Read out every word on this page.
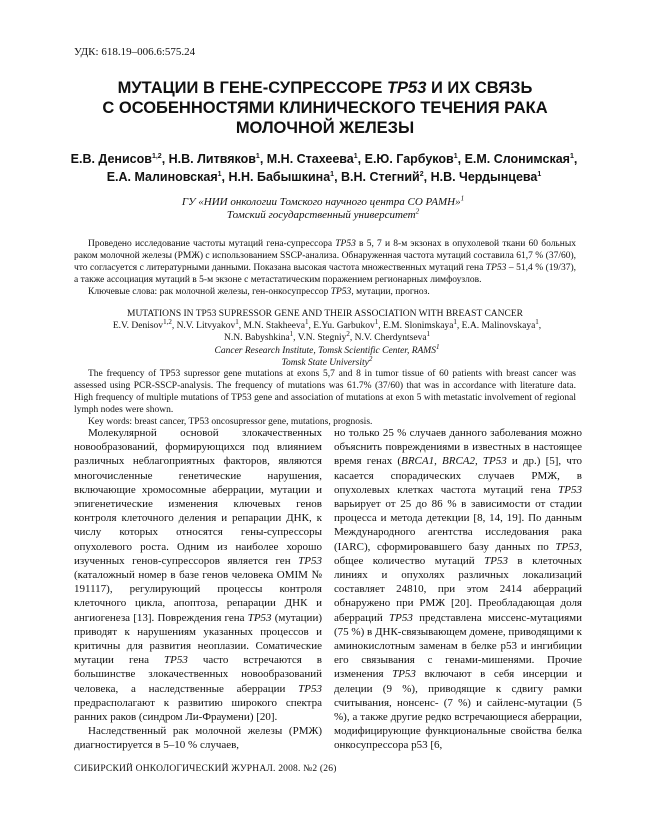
УДК: 618.19–006.6:575.24
МУТАЦИИ В ГЕНЕ-СУПРЕССОРЕ TP53 И ИХ СВЯЗЬ
С ОСОБЕННОСТЯМИ КЛИНИЧЕСКОГО ТЕЧЕНИЯ РАКА
МОЛОЧНОЙ ЖЕЛЕЗЫ
Е.В. Денисов$^{1,2}$, Н.В. Литвяков$^1$, М.Н. Стахеева$^1$, Е.Ю. Гарбуков$^1$, Е.М. Слонимская$^1$,
Е.А. Малиновская$^1$, Н.Н. Бабышкина$^1$, В.Н. Стегний$^2$, Н.В. Чердынцева$^1$
ГУ «НИИ онкологии Томского научного центра СО РАМН»$^1$
Томский государственный университет$^2$

Проведено исследование частоты мутаций гена-супрессора TP53 в 5, 7 и 8-м экзонах в опухолевой ткани 60 больных раком молочной железы (РМЖ) с использованием SSCP-анализа. Обнаруженная частота мутаций составила 61,7 % (37/60), что согласуется с литературными данными. Показана высокая частота множественных мутаций гена TP53 – 51,4 % (19/37), а также ассоциация мутаций в 5-м экзоне с метастатическим поражением регионарных лимфоузлов.

Ключевые слова: рак молочной железы, ген-онкосупрессор TP53, мутации, прогноз.

MUTATIONS IN TP53 SUPRESSOR GENE AND THEIR ASSOCIATION WITH BREAST CANCER
E.V. Denisov$^{1,2}$, N.V. Litvyakov$^1$, M.N. Stakheeva$^1$, E.Yu. Garbukov$^1$, E.M. Slonimskaya$^1$, E.A. Malinovskaya$^1$, N.N. Babyshkina$^1$, V.N. Stegniy$^2$, N.V. Cherdyntseva$^1$
Cancer Research Institute, Tomsk Scientific Center, RAMS$^1$
Tomsk State University$^2$

The frequency of TP53 supressor gene mutations at exons 5,7 and 8 in tumor tissue of 60 patients with breast cancer was assessed using PCR-SSCP-analysis. The frequency of mutations was 61.7% (37/60) that was in accordance with literature data. High frequency of multiple mutations of TP53 gene and association of mutations at exon 5 with metastatic involvement of regional lymph nodes were shown.

Key words: breast cancer, TP53 oncosupressor gene, mutations, prognosis.

Молекулярной основой злокачественных новообразований, формирующихся под влиянием различных неблагоприятных факторов, являются многочисленные генетические нарушения, включающие хромосомные аберрации, мутации и эпигенетические изменения ключевых генов контроля клеточного деления и репарации ДНК, к числу которых относятся гены-супрессоры опухолевого роста. Одним из наиболее хорошо изученных генов-супрессоров является ген TP53 (каталожный номер в базе генов человека OMIM № 191117), регулирующий процессы контроля клеточного цикла, апоптоза, репарации ДНК и ангиогенеза [13]. Повреждения гена TP53 (мутации) приводят к нарушениям указанных процессов и критичны для развития неоплазии. Соматические мутации гена TP53 часто встречаются в большинстве злокачественных новообразований человека, а наследственные аберрации TP53 предрасполагают к развитию широкого спектра ранних раков (синдром Ли-Фраумени) [20].

Наследственный рак молочной железы (РМЖ) диагностируется в 5–10 % случаев,

но только 25 % случаев данного заболевания можно объяснить повреждениями в известных в настоящее время генах (BRCA1, BRCA2, TP53 и др.) [5], что касается спорадических случаев РМЖ, в опухолевых клетках частота мутаций гена TP53 варьирует от 25 до 86 % в зависимости от стадии процесса и метода детекции [8, 14, 19]. По данным Международного агентства исследования рака (IARC), сформировавшего базу данных по TP53, общее количество мутаций TP53 в клеточных линиях и опухолях различных локализаций составляет 24810, при этом 2414 аберраций обнаружено при РМЖ [20]. Преобладающая доля аберраций TP53 представлена миссенс-мутациями (75 %) в ДНК-связывающем домене, приводящими к аминокислотным заменам в белке p53 и ингибиции его связывания с генами-мишенями. Прочие изменения TP53 включают в себя инсерции и делеции (9 %), приводящие к сдвигу рамки считывания, нонсенс- (7 %) и сайленс-мутации (5 %), а также другие редко встречающиеся аберрации, модифицирующие функциональные свойства белка онкосупрессора p53 [6,

СИБИРСКИЙ ОНКОЛОГИЧЕСКИЙ ЖУРНАЛ. 2008. №2 (26)
